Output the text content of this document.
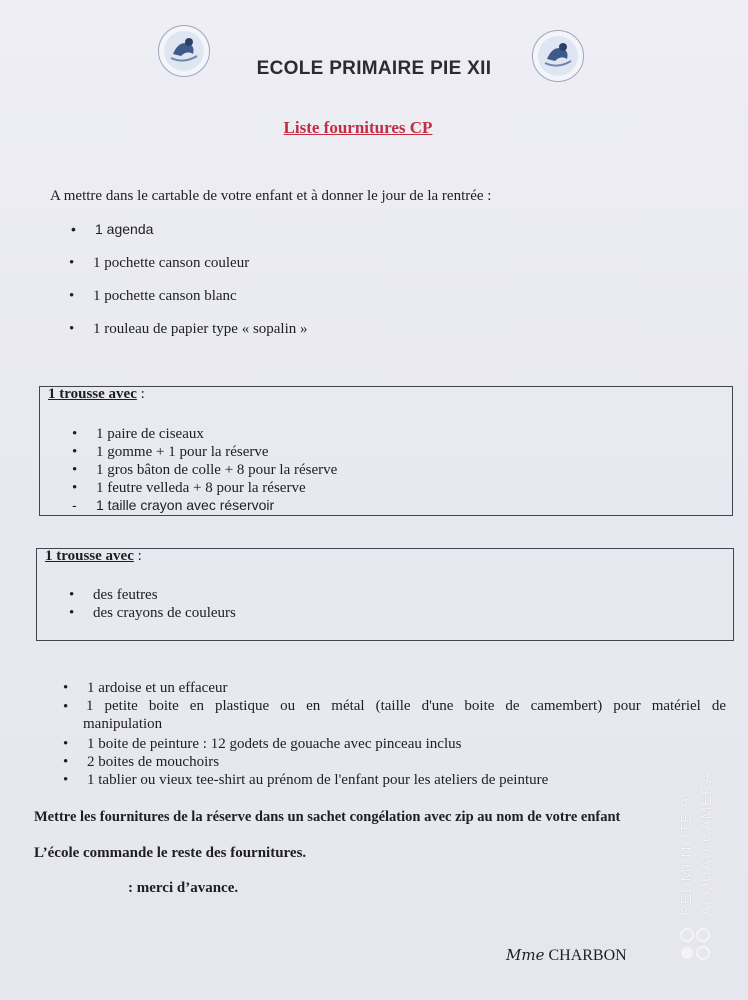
ECOLE PRIMAIRE PIE XII
Liste fournitures CP
A mettre dans le cartable de votre enfant et à donner le jour de la rentrée :
• 1 agenda
• 1 pochette canson couleur
• 1 pochette canson blanc
• 1 rouleau de papier type « sopalin »
1 trousse avec :
• 1 paire de ciseaux
• 1 gomme + 1 pour la réserve
• 1 gros bâton de colle + 8 pour la réserve
• 1 feutre velleda + 8 pour la réserve
- 1 taille crayon avec réservoir
1 trousse avec :
• des feutres
• des crayons de couleurs
• 1 ardoise et un effaceur
• 1 petite boite en plastique ou en métal (taille d'une boite de camembert) pour matériel de
manipulation
• 1 boite de peinture : 12 godets de gouache avec pinceau inclus
• 2 boites de mouchoirs
• 1 tablier ou vieux tee-shirt au prénom de l'enfant pour les ateliers de peinture
Mettre les fournitures de la réserve dans un sachet congélation avec zip au nom de votre enfant
L’école commande le reste des fournitures.
: merci d’avance.
Mme CHARBON
REDMI NOTE 9 AI QUAD CAMERA
